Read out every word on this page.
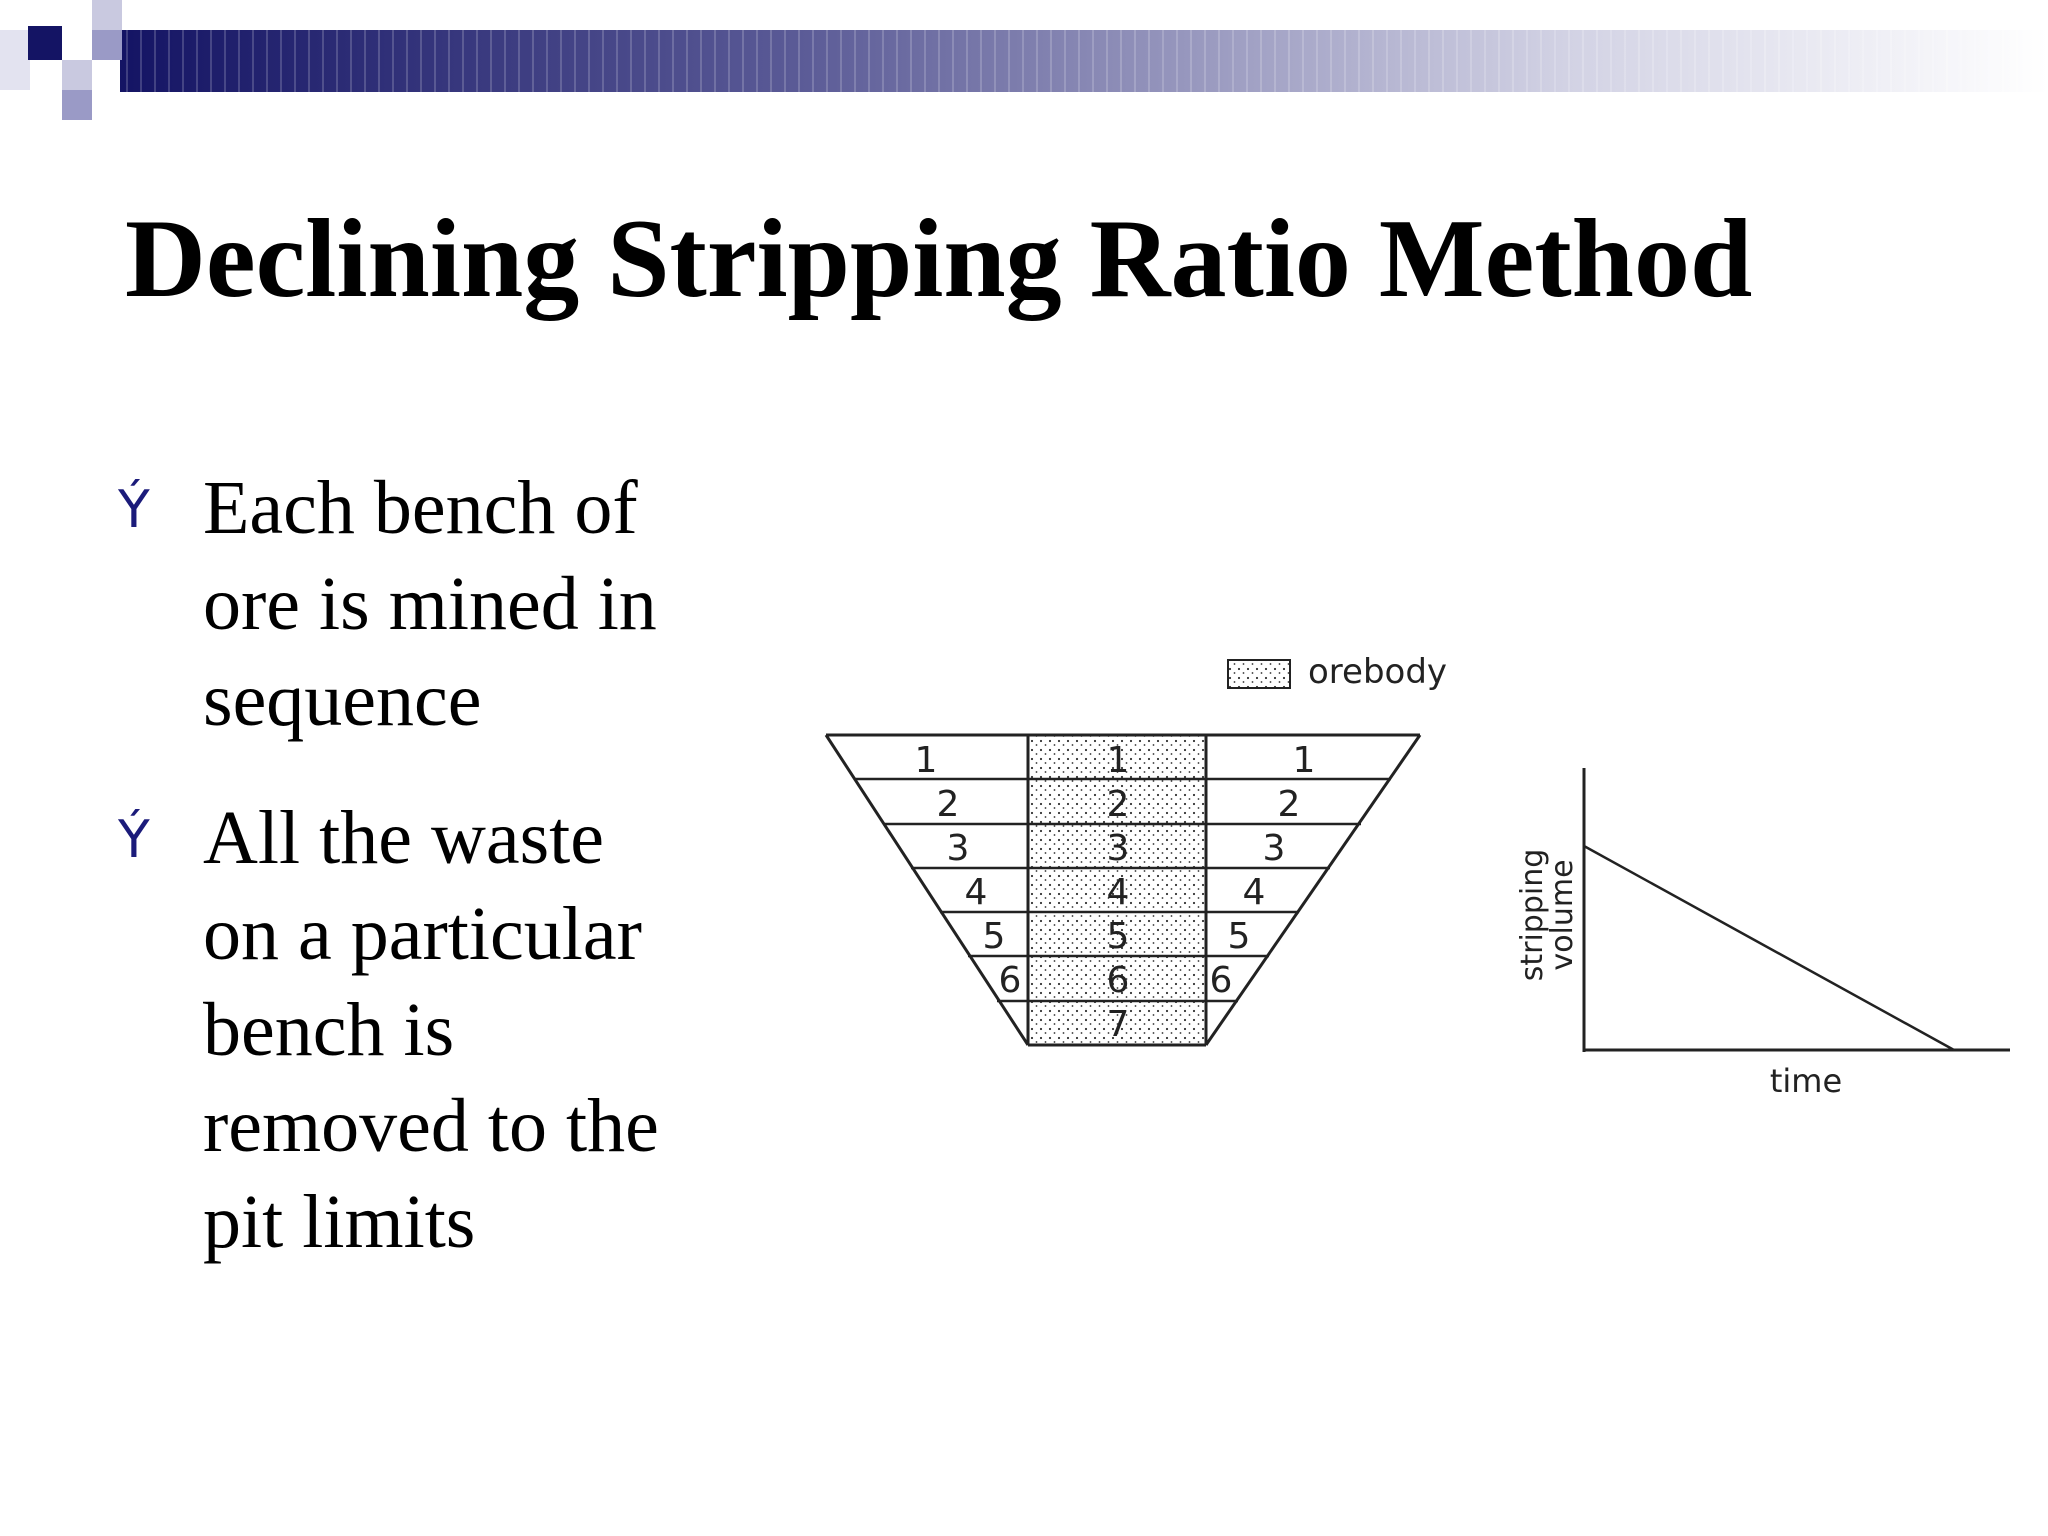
Declining Stripping Ratio Method
Ý Each bench of
ore is mined in
sequence
Ý All the waste
on a particular
bench is
removed to the
pit limits
orebody
1
2
3
4
5
6
7
1
2
3
4
5
6
1
2
3
4
5
6	stripping
volume
time
